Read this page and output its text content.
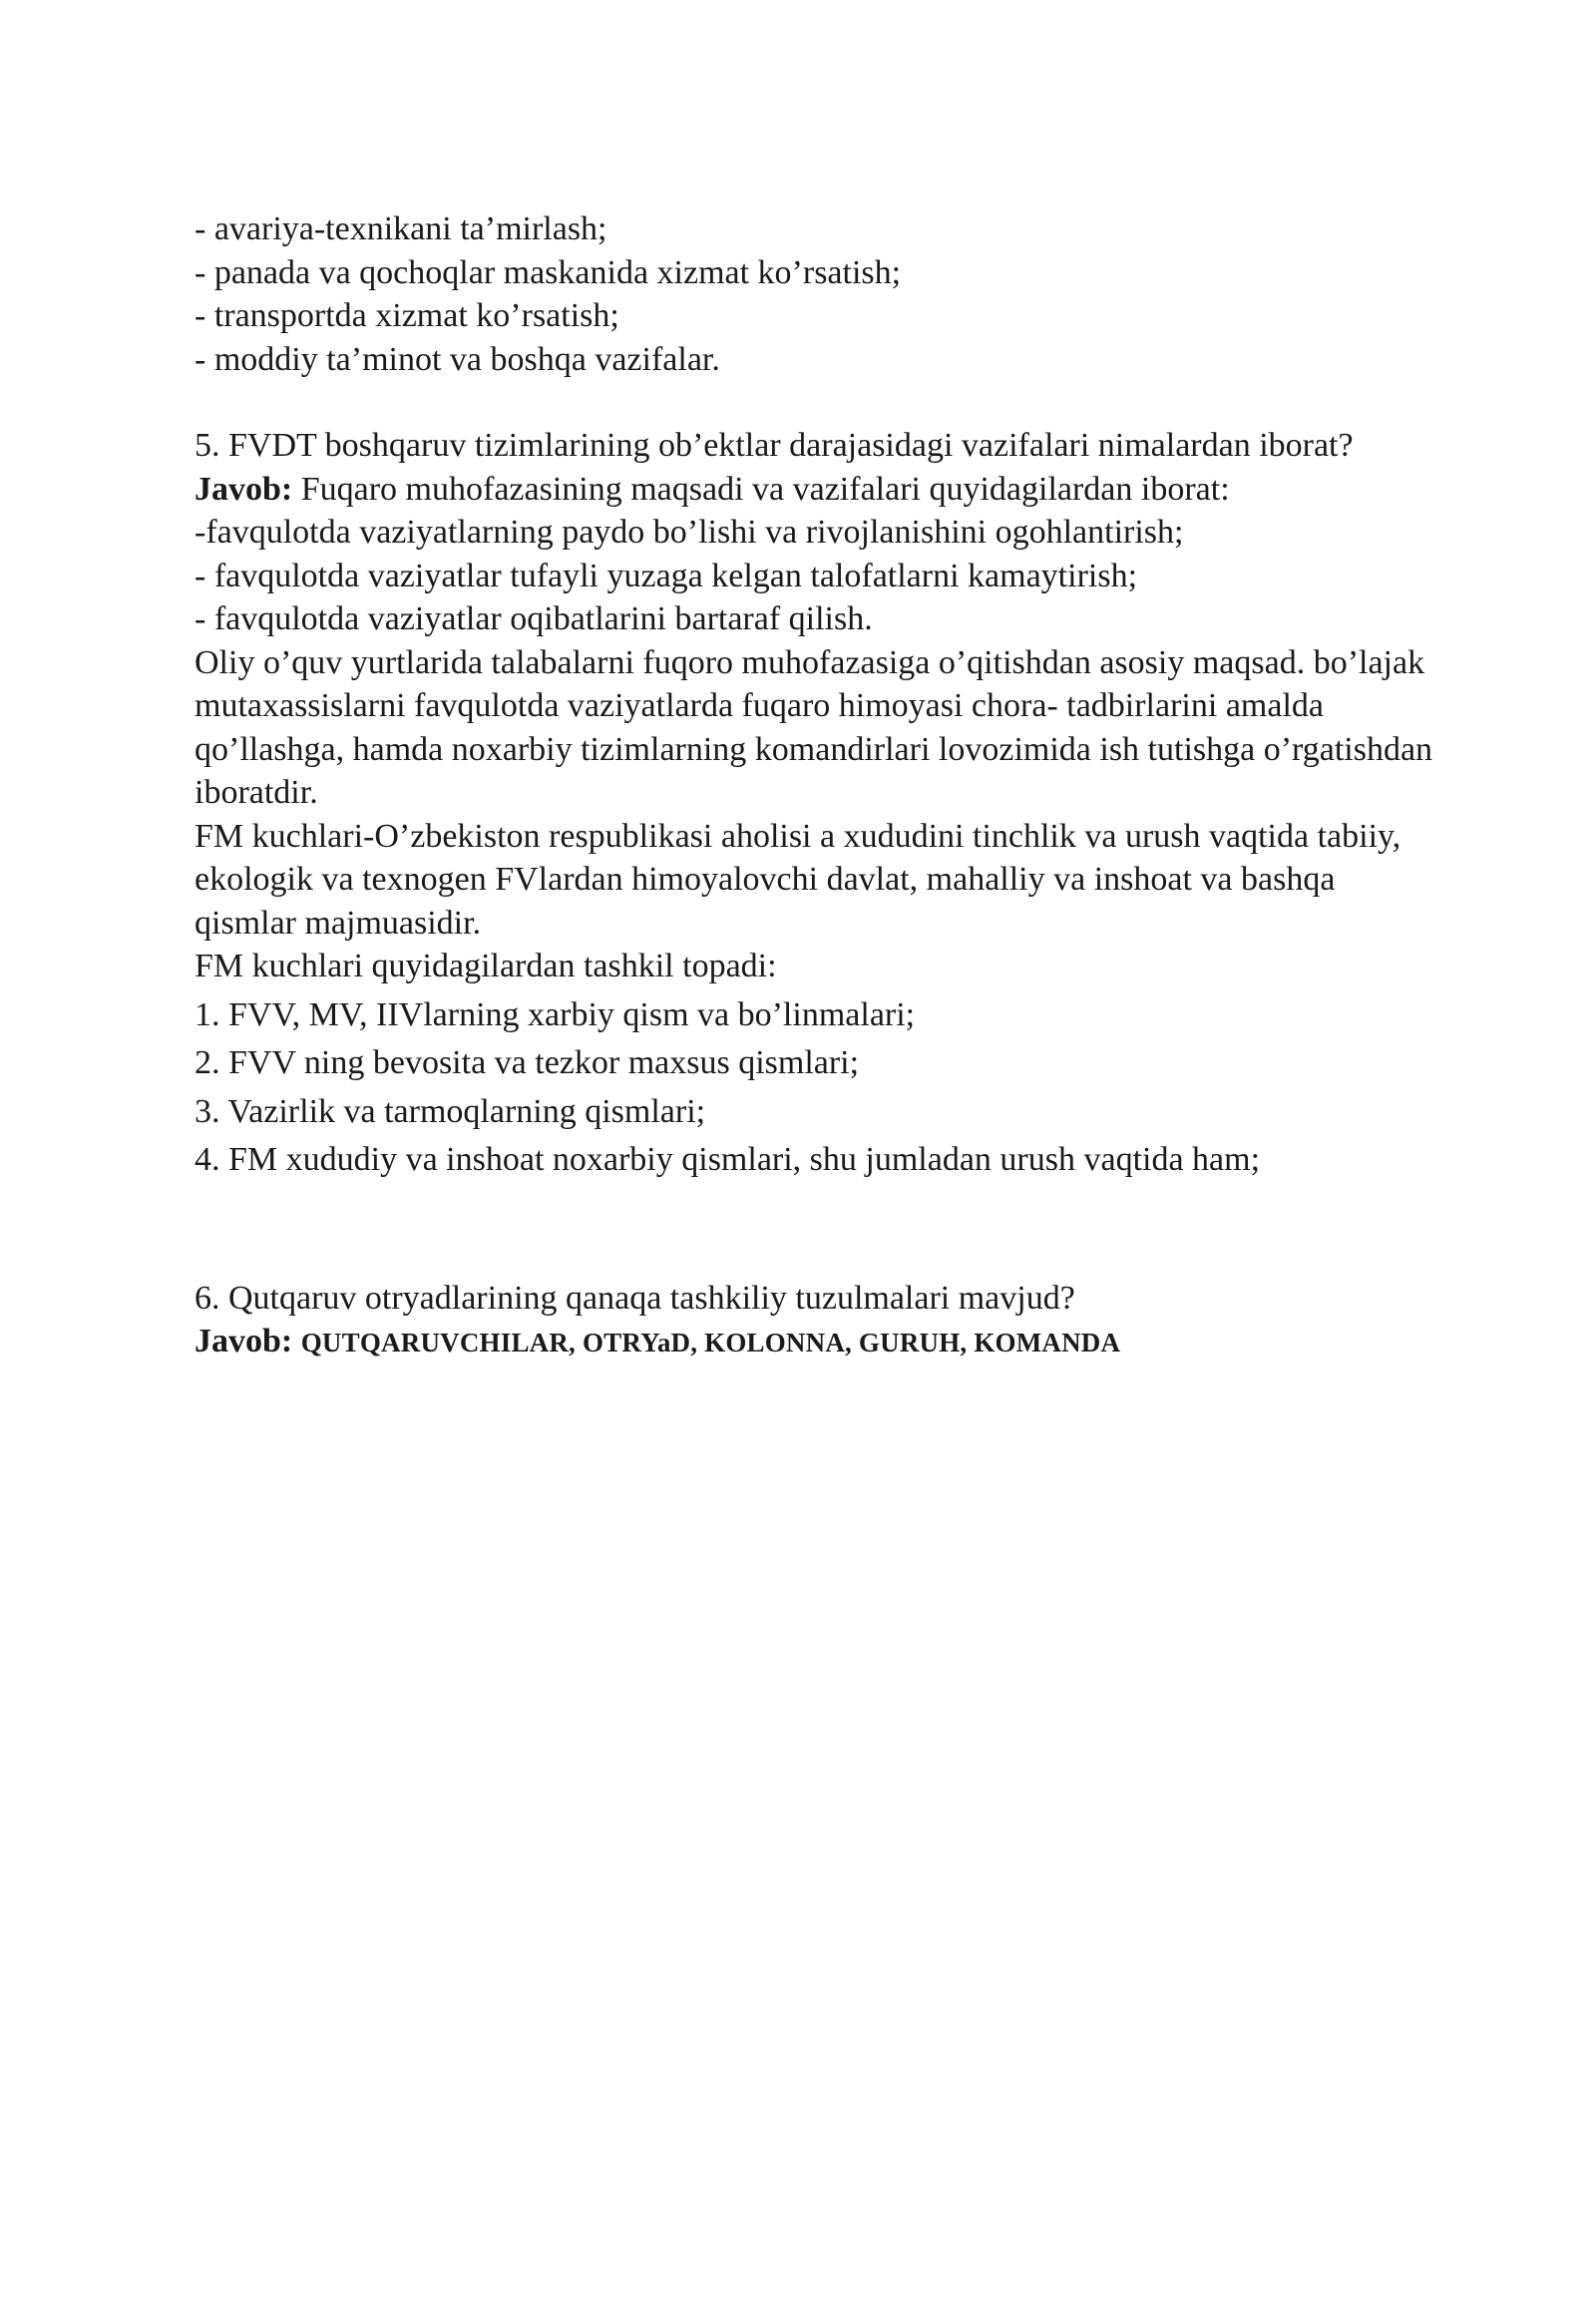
- avariya-texnikani ta’mirlash;
- panada va qochoqlar maskanida xizmat ko’rsatish;
- transportda xizmat ko’rsatish;
- moddiy ta’minot va boshqa vazifalar.
5. FVDT boshqaruv tizimlarining ob’ektlar darajasidagi vazifalari nimalardan iborat?
Javob: Fuqaro muhofazasining maqsadi va vazifalari quyidagilardan iborat:
-favqulotda vaziyatlarning paydo bo’lishi va rivojlanishini ogohlantirish;
- favqulotda vaziyatlar tufayli yuzaga kelgan talofatlarni kamaytirish;
- favqulotda vaziyatlar oqibatlarini bartaraf qilish.
Oliy o’quv yurtlarida talabalarni fuqoro muhofazasiga o’qitishdan asosiy maqsad. bo’lajak
mutaxassislarni favqulotda vaziyatlarda fuqaro himoyasi chora- tadbirlarini amalda
qo’llashga, hamda noxarbiy tizimlarning komandirlari lovozimida ish tutishga o’rgatishdan
iboratdir.
FM kuchlari-O’zbekiston respublikasi aholisi a xududini tinchlik va urush vaqtida tabiiy,
ekologik va texnogen FVlardan himoyalovchi davlat, mahalliy va inshoat va bashqa
qismlar majmuasidir.
FM kuchlari quyidagilardan tashkil topadi:
1. FVV, MV, IIVlarning xarbiy qism va bo’linmalari;
2. FVV ning bevosita va tezkor maxsus qismlari;
3. Vazirlik va tarmoqlarning qismlari;
4. FM xududiy va inshoat noxarbiy qismlari, shu jumladan urush vaqtida ham;
6. Qutqaruv otryadlarining qanaqa tashkiliy tuzulmalari mavjud?
Javob: QUTQARUVCHILAR, OTRYaD, KOLONNA, GURUH, KOMANDA
